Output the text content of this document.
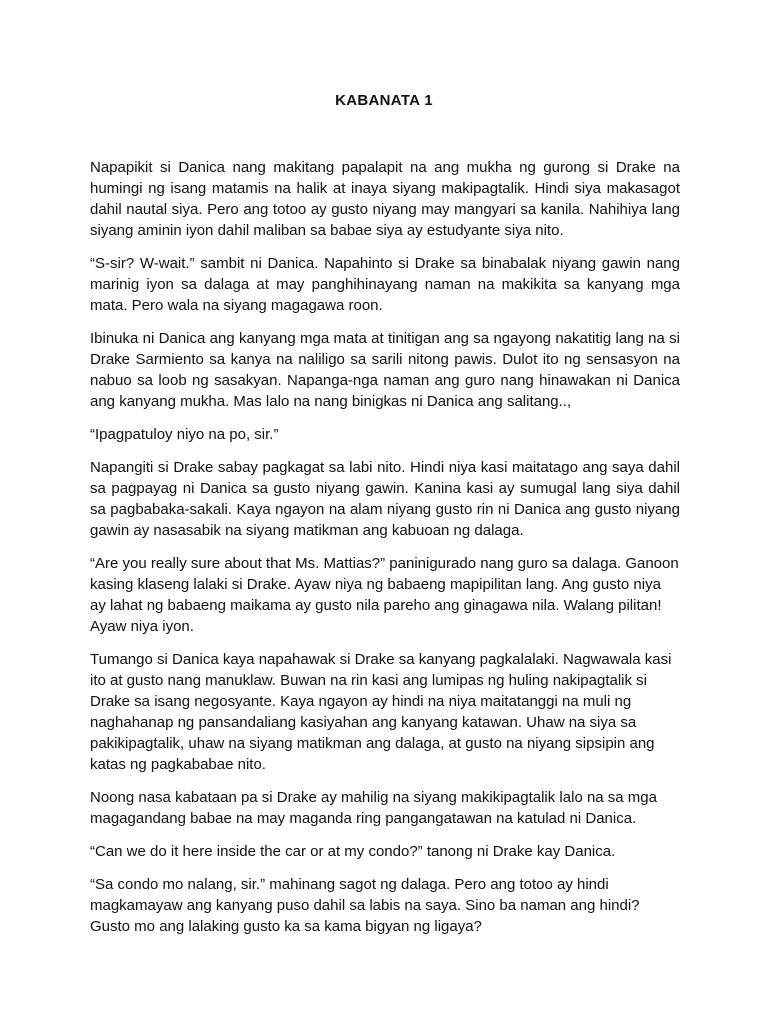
KABANATA 1

Napapikit si Danica nang makitang papalapit na ang mukha ng gurong si Drake na humingi ng isang matamis na halik at inaya siyang makipagtalik. Hindi siya makasagot dahil nautal siya. Pero ang totoo ay gusto niyang may mangyari sa kanila. Nahihiya lang siyang aminin iyon dahil maliban sa babae siya ay estudyante siya nito.

“S-sir? W-wait.” sambit ni Danica. Napahinto si Drake sa binabalak niyang gawin nang marinig iyon sa dalaga at may panghihinayang naman na makikita sa kanyang mga mata. Pero wala na siyang magagawa roon.

Ibinuka ni Danica ang kanyang mga mata at tinitigan ang sa ngayong nakatitig lang na si Drake Sarmiento sa kanya na naliligo sa sarili nitong pawis. Dulot ito ng sensasyon na nabuo sa loob ng sasakyan. Napanga-nga naman ang guro nang hinawakan ni Danica ang kanyang mukha. Mas lalo na nang binigkas ni Danica ang salitang..,

“Ipagpatuloy niyo na po, sir.”

Napangiti si Drake sabay pagkagat sa labi nito. Hindi niya kasi maitatago ang saya dahil sa pagpayag ni Danica sa gusto niyang gawin. Kanina kasi ay sumugal lang siya dahil sa pagbabaka-sakali. Kaya ngayon na alam niyang gusto rin ni Danica ang gusto niyang gawin ay nasasabik na siyang matikman ang kabuoan ng dalaga.

“Are you really sure about that Ms. Mattias?” paninigurado nang guro sa dalaga. Ganoon kasing klaseng lalaki si Drake. Ayaw niya ng babaeng mapipilitan lang. Ang gusto niya ay lahat ng babaeng maikama ay gusto nila pareho ang ginagawa nila. Walang pilitan! Ayaw niya iyon.

Tumango si Danica kaya napahawak si Drake sa kanyang pagkalalaki. Nagwawala kasi ito at gusto nang manuklaw. Buwan na rin kasi ang lumipas ng huling nakipagtalik si Drake sa isang negosyante. Kaya ngayon ay hindi na niya maitatanggi na muli ng naghahanap ng pansandaliang kasiyahan ang kanyang katawan. Uhaw na siya sa pakikipagtalik, uhaw na siyang matikman ang dalaga, at gusto na niyang sipsipin ang katas ng pagkababae nito.

Noong nasa kabataan pa si Drake ay mahilig na siyang makikipagtalik lalo na sa mga magagandang babae na may maganda ring pangangatawan na katulad ni Danica.

“Can we do it here inside the car or at my condo?” tanong ni Drake kay Danica.

“Sa condo mo nalang, sir.” mahinang sagot ng dalaga. Pero ang totoo ay hindi magkamayaw ang kanyang puso dahil sa labis na saya. Sino ba naman ang hindi? Gusto mo ang lalaking gusto ka sa kama bigyan ng ligaya?
